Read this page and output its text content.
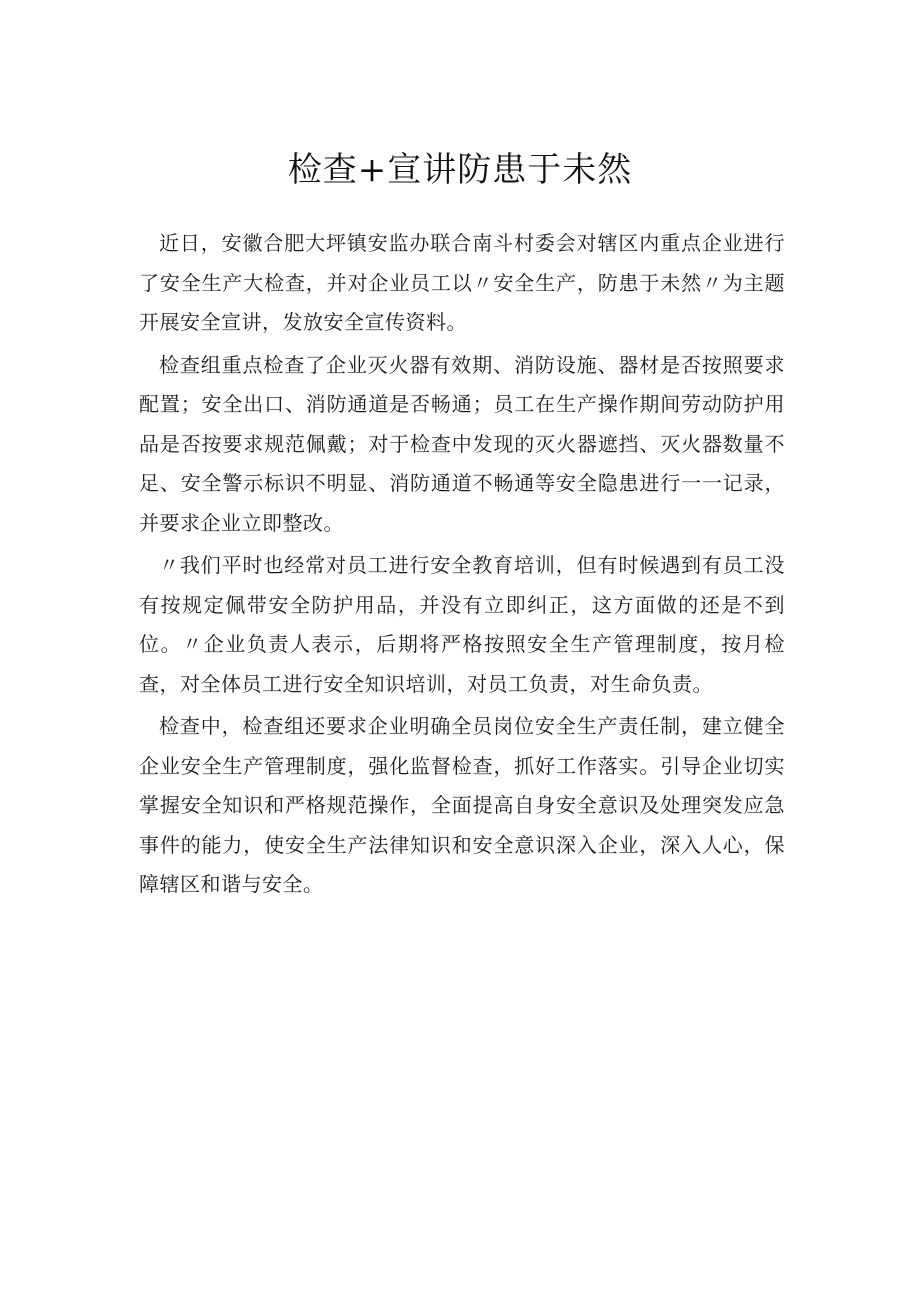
检查+宣讲防患于未然

近日，安徽合肥大坪镇安监办联合南斗村委会对辖区内重点企业进行了安全生产大检查，并对企业员工以〃安全生产，防患于未然〃为主题开展安全宣讲，发放安全宣传资料。

检查组重点检查了企业灭火器有效期、消防设施、器材是否按照要求配置；安全出口、消防通道是否畅通；员工在生产操作期间劳动防护用品是否按要求规范佩戴；对于检查中发现的灭火器遮挡、灭火器数量不足、安全警示标识不明显、消防通道不畅通等安全隐患进行一一记录，并要求企业立即整改。

〃我们平时也经常对员工进行安全教育培训，但有时候遇到有员工没有按规定佩带安全防护用品，并没有立即纠正，这方面做的还是不到位。〃企业负责人表示，后期将严格按照安全生产管理制度，按月检查，对全体员工进行安全知识培训，对员工负责，对生命负责。

检查中，检查组还要求企业明确全员岗位安全生产责任制，建立健全企业安全生产管理制度，强化监督检查，抓好工作落实。引导企业切实掌握安全知识和严格规范操作，全面提高自身安全意识及处理突发应急事件的能力，使安全生产法律知识和安全意识深入企业，深入人心，保障辖区和谐与安全。
